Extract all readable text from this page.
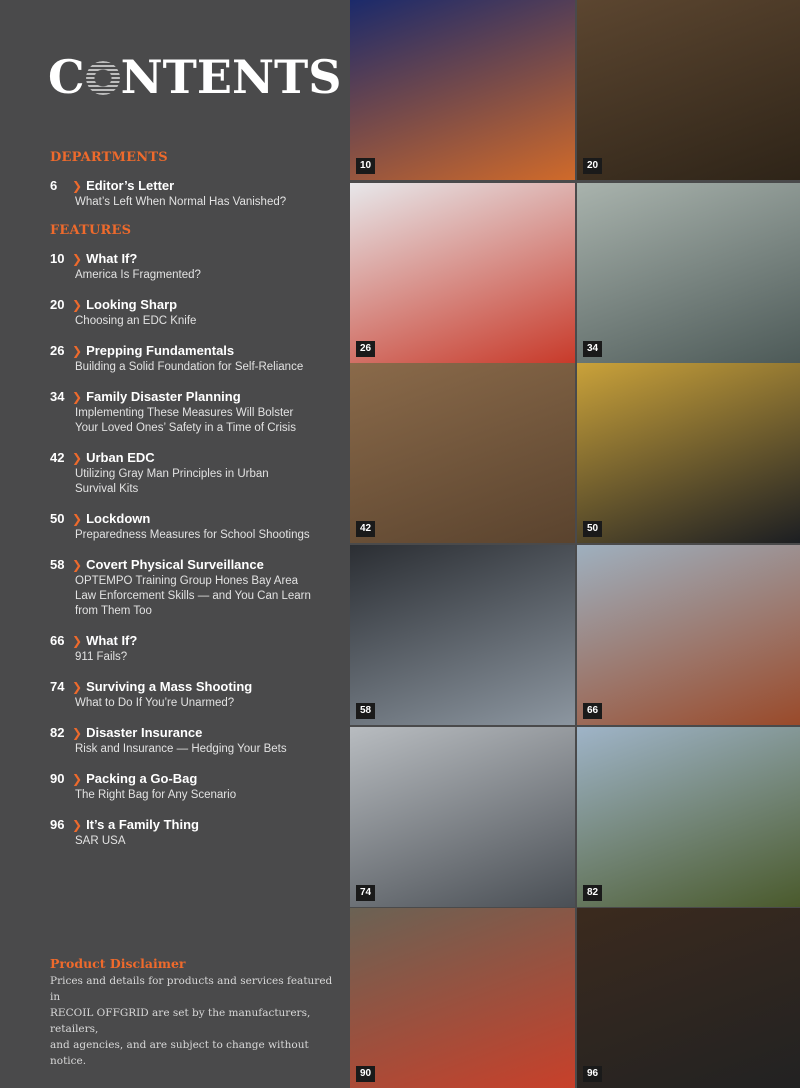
C NTENTS
DEPARTMENTS
FEATURES
6 ❯ Editor’s Letter
What’s Left When Normal Has Vanished?
10 ❯ What If?
America Is Fragmented?
20 ❯ Looking Sharp
Choosing an EDC Knife
26 ❯ Prepping Fundamentals
Building a Solid Foundation for Self-Reliance
34 ❯ Family Disaster Planning
Implementing These Measures Will Bolster
Your Loved Ones’ Safety in a Time of Crisis
42 ❯ Urban EDC
Utilizing Gray Man Principles in Urban
Survival Kits
50 ❯ Lockdown
Preparedness Measures for School Shootings
58 ❯ Covert Physical Surveillance
OPTEMPO Training Group Hones Bay Area
Law Enforcement Skills — and You Can Learn
from Them Too
66 ❯ What If?
911 Fails?
74 ❯ Surviving a Mass Shooting
What to Do If You’re Unarmed?
82 ❯ Disaster Insurance
Risk and Insurance — Hedging Your Bets
90 ❯ Packing a Go-Bag
The Right Bag for Any Scenario
96 ❯ It’s a Family Thing
SAR USA
Product Disclaimer
Prices and details for products and services featured in
RECOIL OFFGRID are set by the manufacturers, retailers,
and agencies, and are subject to change without notice.
10	20
26	34
42	50
58	66
74	82
90	96
